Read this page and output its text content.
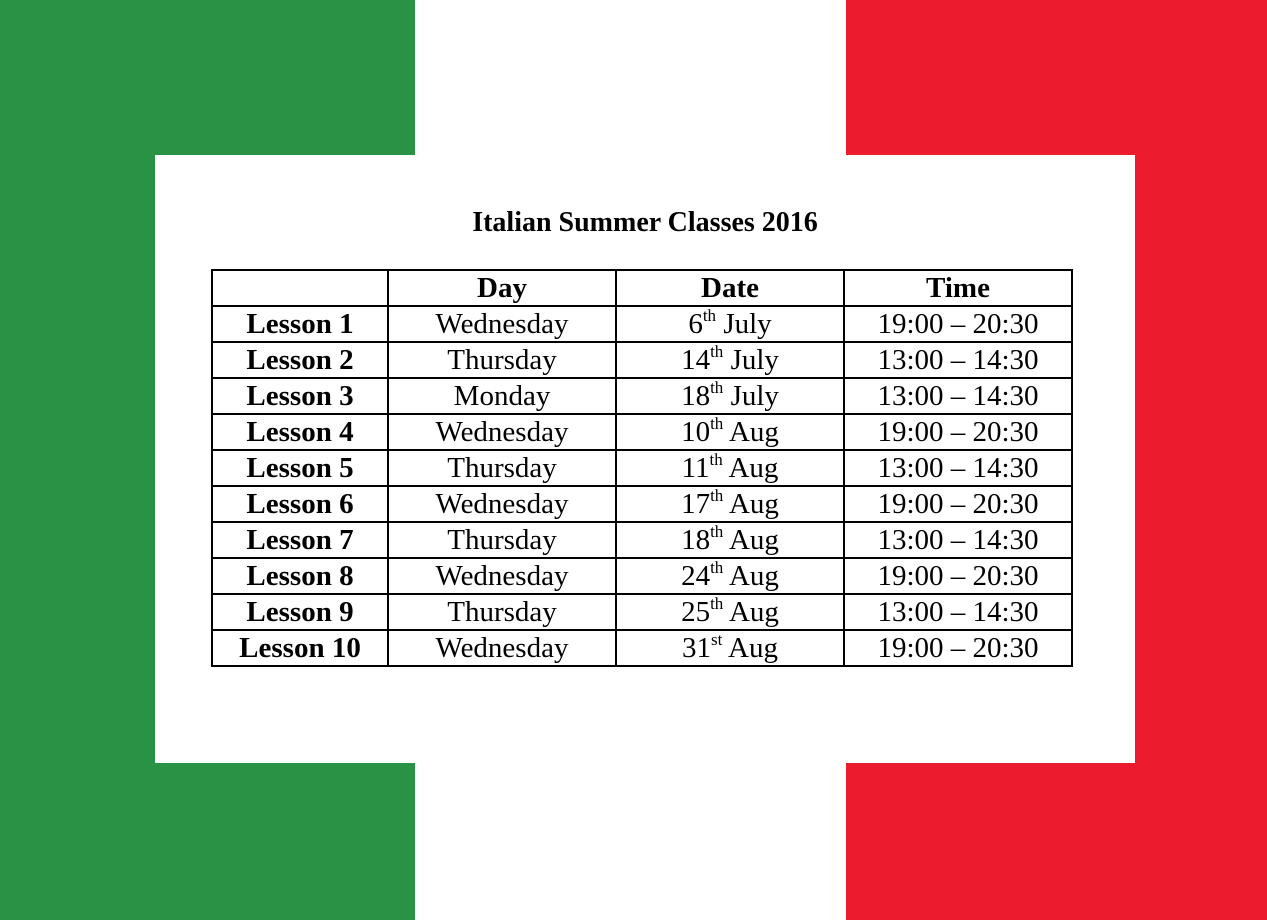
Italian Summer Classes 2016
	Day	Date	Time
Lesson 1	Wednesday	6th July	19:00 – 20:30
Lesson 2	Thursday	14th July	13:00 – 14:30
Lesson 3	Monday	18th July	13:00 – 14:30
Lesson 4	Wednesday	10th Aug	19:00 – 20:30
Lesson 5	Thursday	11th Aug	13:00 – 14:30
Lesson 6	Wednesday	17th Aug	19:00 – 20:30
Lesson 7	Thursday	18th Aug	13:00 – 14:30
Lesson 8	Wednesday	24th Aug	19:00 – 20:30
Lesson 9	Thursday	25th Aug	13:00 – 14:30
Lesson 10	Wednesday	31st Aug	19:00 – 20:30
